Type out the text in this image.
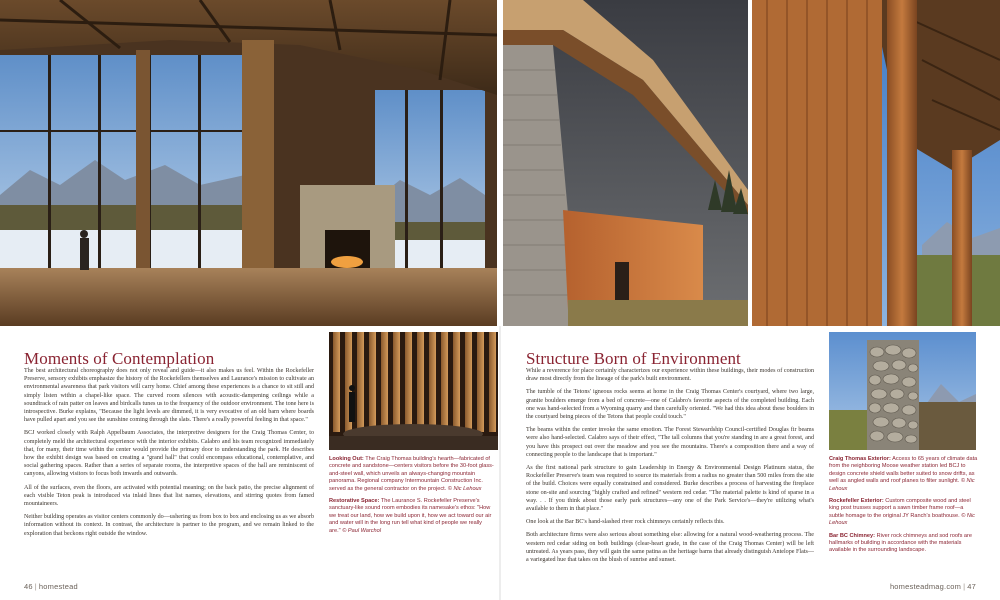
Moments of Contemplation

The best architectural choreography does not only reveal and guide—it also makes us feel. Within the Rockefeller Preserve, sensory exhibits emphasize the history of the Rockefellers themselves and Laurance's mission to cultivate an environmental awareness that park visitors will carry home. Chief among these experiences is a chance to sit still and simply listen within a chapel-like space. The curved room silences with acoustic-dampening ceilings while a soundtrack of rain patter on leaves and birdcalls tunes us to the frequency of the outdoor environment. The tone here is introspective. Burke explains, "Because the light levels are dimmed, it is very evocative of an old barn where boards have pulled apart and you see the sunshine coming through the slats. There's a really powerful feeling in that space."

BCJ worked closely with Ralph Appelbaum Associates, the interpretive designers for the Craig Thomas Center, to completely meld the architectural experience with the interior exhibits. Calabro and his team recognized immediately that, for many, their time within the center would provide the primary door to understanding the park. He describes how the exhibit design was based on creating a "grand hall" that could encompass educational, contemplative, and social gathering spaces. Rather than a series of separate rooms, the interpretive spaces of the hall are reminiscent of canyons, allowing visitors to focus both inwards and outwards.

All of the surfaces, even the floors, are activated with potential meaning; on the back patio, the precise alignment of each visible Teton peak is introduced via inlaid lines that list names, elevations, and stirring quotes from famed mountaineers.

Neither building operates as visitor centers commonly do—ushering us from box to box and enclosing us as we absorb information without its context. In contrast, the architecture is partner to the program, and we remain linked to the exploration that beckons right outside the window.

Looking Out: The Craig Thomas building's hearth—fabricated of concrete and sandstone—centers visitors before the 30-foot glass-and-steel wall, which unveils an always-changing mountain panorama. Regional company Intermountain Construction Inc. served as the general contractor on the project. © Nic Lehoux

Restorative Space: The Laurance S. Rockefeller Preserve's sanctuary-like sound room embodies its namesake's ethos: "How we treat our land, how we build upon it, how we act toward our air and water will in the long run tell what kind of people we really are." © Paul Warchol

46 | homestead
Structure Born of Environment

While a reverence for place certainly characterizes our experience within these buildings, their modes of construction draw most directly from the lineage of the park's built environment.

The tumble of the Tetons' igneous rocks seems at home in the Craig Thomas Center's courtyard, where two large, granite boulders emerge from a bed of concrete—one of Calabro's favorite aspects of the completed building. Each one was hand-selected from a Wyoming quarry and then carefully oriented. "We had this idea about these boulders in the courtyard being pieces of the Tetons that people could touch."

The beams within the center invoke the same emotion. The Forest Stewardship Council-certified Douglas fir beams were also hand-selected. Calabro says of their effect, "The tall columns that you're standing in are a great forest, and you have this prospect out over the meadow and you see the mountains. There's a composition there and a way of connecting people to the landscape that is important."

As the first national park structure to gain Leadership in Energy & Environmental Design Platinum status, the Rockefeller Preserve's team was required to source its materials from a radius no greater than 500 miles from the site of the build. Choices were equally constrained and considered. Burke describes a process of harvesting the fireplace stone on-site and sourcing "highly crafted and refined" western red cedar. "The material palette is kind of sparse in a way. . . If you think about those early park structures—any one of the Park Service's—they're utilizing what's available to them in that place."

One look at the Bar BC's hand-slashed river rock chimneys certainly reflects this.

Both architecture firms were also serious about something else: allowing for a natural wood-weathering process. The western red cedar siding on both buildings (clear-heart grade, in the case of the Craig Thomas Center) will be left untreated. As years pass, they will gain the same patina as the heritage barns that already distinguish Antelope Flats—a variegated hue that takes on the blush of sunrise and sunset.

Craig Thomas Exterior: Access to 65 years of climate data from the neighboring Moose weather station led BCJ to design concrete shield walls better suited to snow drifts, as well as angled walls and roof planes to filter sunlight. © Nic Lehoux

Rockefeller Exterior: Custom composite wood and steel king post trusses support a sawn timber frame roof—a subtle homage to the original JY Ranch's boathouse. © Nic Lehoux

Bar BC Chimney: River rock chimneys and sod roofs are hallmarks of building in accordance with the materials available in the surrounding landscape.

homesteadmag.com | 47
